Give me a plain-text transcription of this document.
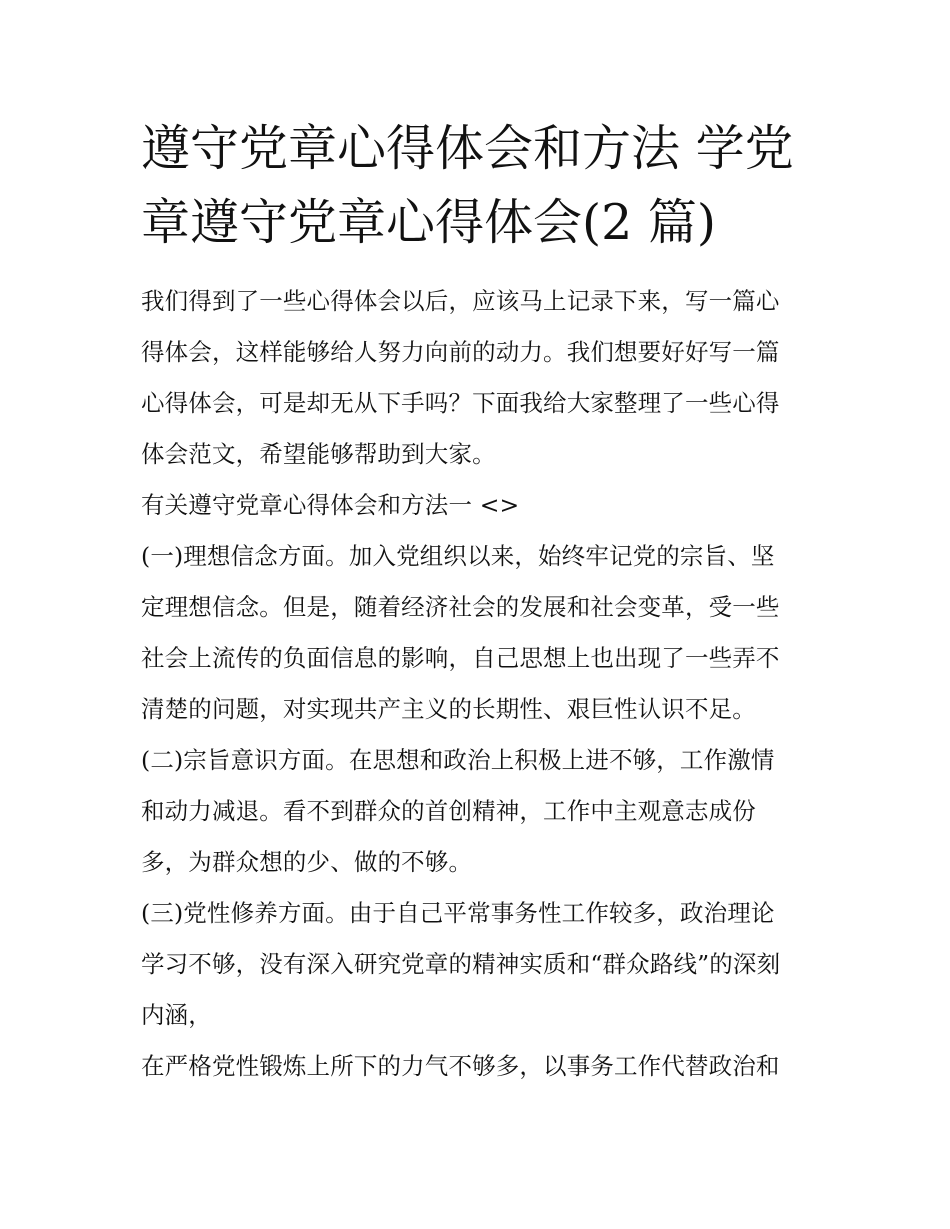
遵守党章心得体会和方法 学党
章遵守党章心得体会(2 篇)
我们得到了一些心得体会以后，应该马上记录下来，写一篇心
得体会，这样能够给人努力向前的动力。我们想要好好写一篇
心得体会，可是却无从下手吗？下面我给大家整理了一些心得
体会范文，希望能够帮助到大家。
有关遵守党章心得体会和方法一 <>
(一)理想信念方面。加入党组织以来，始终牢记党的宗旨、坚
定理想信念。但是，随着经济社会的发展和社会变革，受一些
社会上流传的负面信息的影响，自己思想上也出现了一些弄不
清楚的问题，对实现共产主义的长期性、艰巨性认识不足。
(二)宗旨意识方面。在思想和政治上积极上进不够，工作激情
和动力减退。看不到群众的首创精神，工作中主观意志成份
多，为群众想的少、做的不够。
(三)党性修养方面。由于自己平常事务性工作较多，政治理论
学习不够，没有深入研究党章的精神实质和“群众路线”的深刻
内涵，
在严格党性锻炼上所下的力气不够多，以事务工作代替政治和
